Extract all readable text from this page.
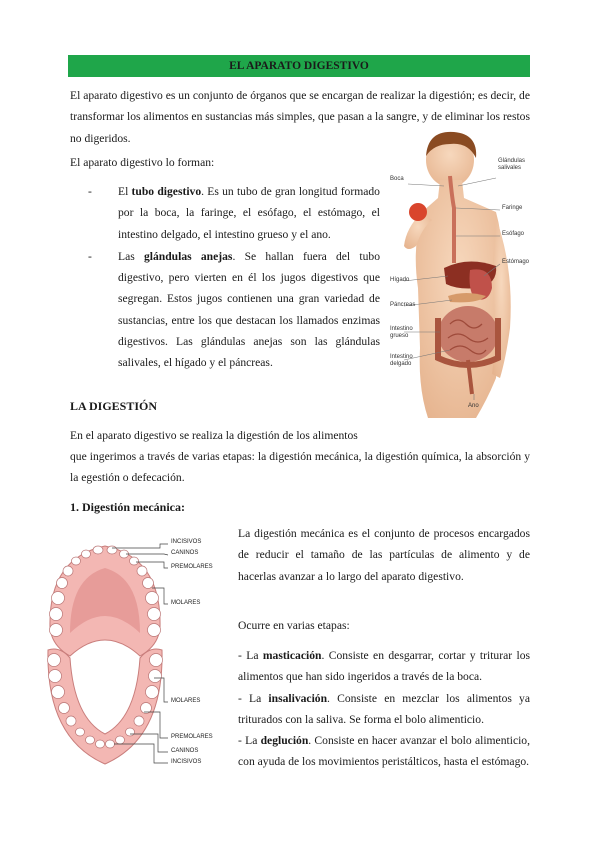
EL APARATO DIGESTIVO
El aparato digestivo es un conjunto de órganos que se encargan de realizar la digestión; es decir, de transformar los alimentos en sustancias más simples, que pasan a la sangre, y de eliminar los restos no digeridos.
El aparato digestivo lo forman:
-	El tubo digestivo. Es un tubo de gran longitud formado por la boca, la faringe, el esófago, el estómago, el intestino delgado, el intestino grueso y el ano.
-	Las glándulas anejas. Se hallan fuera del tubo digestivo, pero vierten en él los jugos digestivos que segregan. Estos jugos contienen una gran variedad de sustancias, entre los que destacan los llamados enzimas digestivos. Las glándulas anejas son las glándulas salivales, el hígado y el páncreas.
Boca
Glándulas salivales
Faringe
Esófago
Estómago
Hígado
Páncreas
Intestino grueso
Intestino delgado
Ano
LA DIGESTIÓN
En el aparato digestivo se realiza la digestión de los alimentos
que ingerimos a través de varias etapas: la digestión mecánica, la digestión química, la absorción y la egestión o defecación.
1. Digestión mecánica:
INCISIVOS
CANINOS
PREMOLARES
MOLARES
MOLARES
PREMOLARES
CANINOS
INCISIVOS
La digestión mecánica es el conjunto de procesos encargados de reducir el tamaño de las partículas de alimento y de hacerlas avanzar a lo largo del aparato digestivo.
Ocurre en varias etapas:
- La masticación. Consiste en desgarrar, cortar y triturar los alimentos que han sido ingeridos a través de la boca.
- La insalivación. Consiste en mezclar los alimentos ya triturados con la saliva. Se forma el bolo alimenticio.
- La deglución. Consiste en hacer avanzar el bolo alimenticio, con ayuda de los movimientos peristálticos, hasta el estómago.
